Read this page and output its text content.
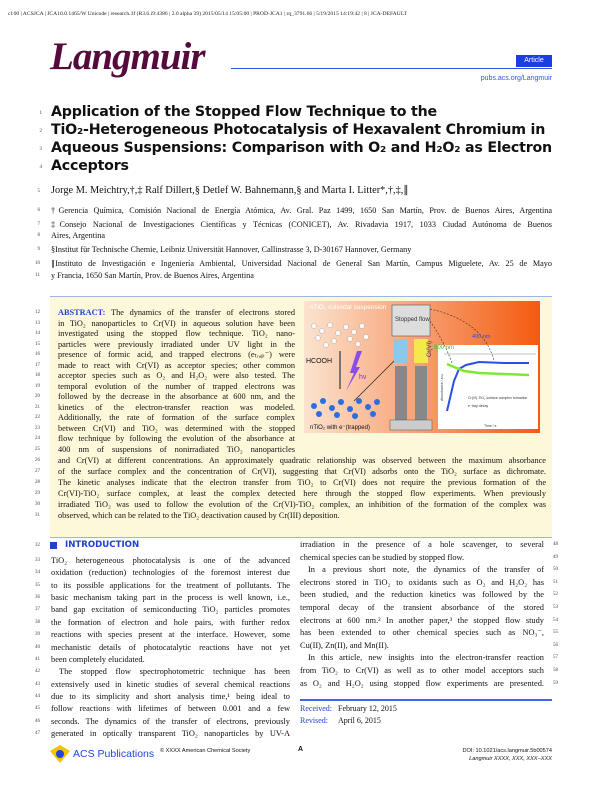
cl:00 | ACSJCA | JCA10.0.1465/W Unicode | research.3f (R3.6.i9:4386 | 2.0 alpha 39) 2015/05/14 15:05:00 | PROD-JCA1 | rq_3791.66 | 5/19/2015 14:19:42 | 8 | JCA-DEFAULT
Langmuir	Article
pubs.acs.org/Langmuir
1 Application of the Stopped Flow Technique to the
2 TiO₂-Heterogeneous Photocatalysis of Hexavalent Chromium in
3 Aqueous Suspensions: Comparison with O₂ and H₂O₂ as Electron
4 Acceptors
5 Jorge M. Meichtry,†,‡ Ralf Dillert,§ Detlef W. Bahnemann,§ and Marta I. Litter*,†,‡,∥
6 †Gerencia Química, Comisión Nacional de Energía Atómica, Av. Gral. Paz 1499, 1650 San Martín, Prov. de Buenos Aires, Argentina
7 ‡Consejo Nacional de Investigaciones Científicas y Técnicas (CONICET), Av. Rivadavia 1917, 1033 Ciudad Autónoma de Buenos
8 Aires, Argentina
9 §Institut für Technische Chemie, Leibniz Universität Hannover, Callinstrasse 3, D-30167 Hannover, Germany
10 ∥Instituto de Investigación e Ingeniería Ambiental, Universidad Nacional de General San Martín, Campus Miguelete, Av. 25 de Mayo
11 y Francia, 1650 San Martín, Prov. de Buenos Aires, Argentina
12 ABSTRACT: The dynamics of the transfer of electrons stored
13 in TiO₂ nanoparticles to Cr(VI) in aqueous solution have been
14 investigated using the stopped flow technique. TiO₂ nano-
15 particles were previously irradiated under UV light in the
16 presence of formic acid, and trapped electrons (eₜᵣₐₚ⁻) were
17 made to react with Cr(VI) as acceptor species; other common
18 acceptor species such as O₂ and H₂O₂ were also tested. The
19 temporal evolution of the number of trapped electrons was
20 followed by the decrease in the absorbance at 600 nm, and the
21 kinetics of the electron-transfer reaction was modeled.
22 Additionally, the rate of formation of the surface complex
23 between Cr(VI) and TiO₂ was determined with the stopped
24 flow technique by following the evolution of the absorbance at
25 400 nm of suspensions of nonirradiated TiO₂ nanoparticles
26 and Cr(VI) at different concentrations. An approximately quadratic relationship was observed between the maximum absorbance
27 of the surface complex and the concentration of Cr(VI), suggesting that Cr(VI) adsorbs onto the TiO₂ surface as dichromate.
28 The kinetic analyses indicate that the electron transfer from TiO₂ to Cr(VI) does not require the previous formation of the
29 Cr(VI)-TiO₂ surface complex, at least the complex detected here through the stopped flow experiments. When previously
30 irradiated TiO₂ was used to follow the evolution of the Cr(VI)-TiO₂ complex, an inhibition of the formation of the complex was
31 observed, which can be related to the TiO₂ deactivation caused by Cr(III) deposition.
nTiO₂ colloidal suspension
HCOOH
hν
nTiO₂ with e⁻(trapped)
Stopped flow
Cr(VI)
400 nm
600 nm
Cr(VI)-TiO₂ surface complex formation
e⁻trap decay
Time / s
Absorbance / a.u.
32	INTRODUCTION
33 TiO₂ heterogeneous photocatalysis is one of the advanced
34 oxidation (reduction) technologies of the foremost interest due
35 to its possible applications for the treatment of pollutants. The
36 basic mechanism taking part in the process is well known, i.e.,
37 band gap excitation of semiconducting TiO₂ particles promotes
38 the formation of electron and hole pairs, with further redox
39 reactions with species present at the interface. However, some
40 mechanistic details of photocatalytic reactions have not yet
41 been completely elucidated.
42 The stopped flow spectrophotometric technique has been
43 extensively used in kinetic studies of several chemical reactions
44 due to its simplicity and short analysis time,¹ being ideal to
45 follow reactions with lifetimes of between 0.001 and a few
46 seconds. The dynamics of the transfer of electrons, previously
47 generated in optically transparent TiO₂ nanoparticles by UV-A
48
irradiation in the presence of a hole scavenger, to several
49
chemical species can be studied by stopped flow.
50
In a previous short note, the dynamics of the transfer of
51
electrons stored in TiO₂ to oxidants such as O₂ and H₂O₂ has
52
been studied, and the reduction kinetics was followed by the
53
temporal decay of the transient absorbance of the stored
54
electrons at 600 nm.² In another paper,³ the stopped flow study
55
has been extended to other chemical species such as NO₃⁻,
56
Cu(II), Zn(II), and Mn(II).
57
In this article, new insights into the electron-transfer reaction
58
from TiO₂ to Cr(VI) as well as to other model acceptors such
59
as O₂ and H₂O₂ using stopped flow experiments are presented.
Received: February 12, 2015
Revised: April 6, 2015
ACS Publications © XXXX American Chemical Society	A	DOI: 10.1021/acs.langmuir.5b00574
Langmuir XXXX, XXX, XXX−XXX
